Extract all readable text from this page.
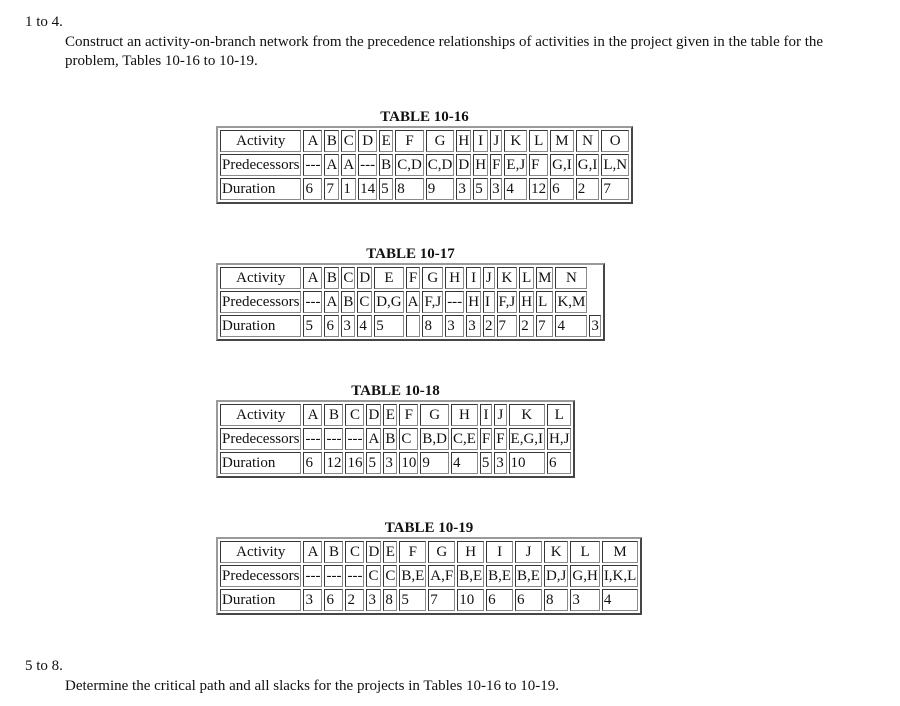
1 to 4.
Construct an activity-on-branch network from the precedence relationships of activities in the project given in the table for the problem, Tables 10-16 to 10-19.
TABLE 10-16
Activity	A	B	C	D	E	F	G	H	I	J	K	L	M	N	O
Predecessors	---	A	A	---	B	C,D	C,D	D	H	F	E,J	F	G,I	G,I	L,N
Duration	6	7	1	14	5	8	9	3	5	3	4	12	6	2	7
TABLE 10-17
Activity	A	B	C	D	E	F	G	H	I	J	K	L	M	N	
Predecessors	---	A	B	C	D,G	A	F,J	---	H	I	F,J	H	L	K,M	
Duration	5	6	3	4	5		8	3	3	2	7	2	7	4	3
TABLE 10-18
Activity	A	B	C	D	E	F	G	H	I	J	K	L
Predecessors	---	---	---	A	B	C	B,D	C,E	F	F	E,G,I	H,J
Duration	6	12	16	5	3	10	9	4	5	3	10	6
TABLE 10-19
Activity	A	B	C	D	E	F	G	H	I	J	K	L	M
Predecessors	---	---	---	C	C	B,E	A,F	B,E	B,E	B,E	D,J	G,H	I,K,L
Duration	3	6	2	3	8	5	7	10	6	6	8	3	4
5 to 8.
Determine the critical path and all slacks for the projects in Tables 10-16 to 10-19.
